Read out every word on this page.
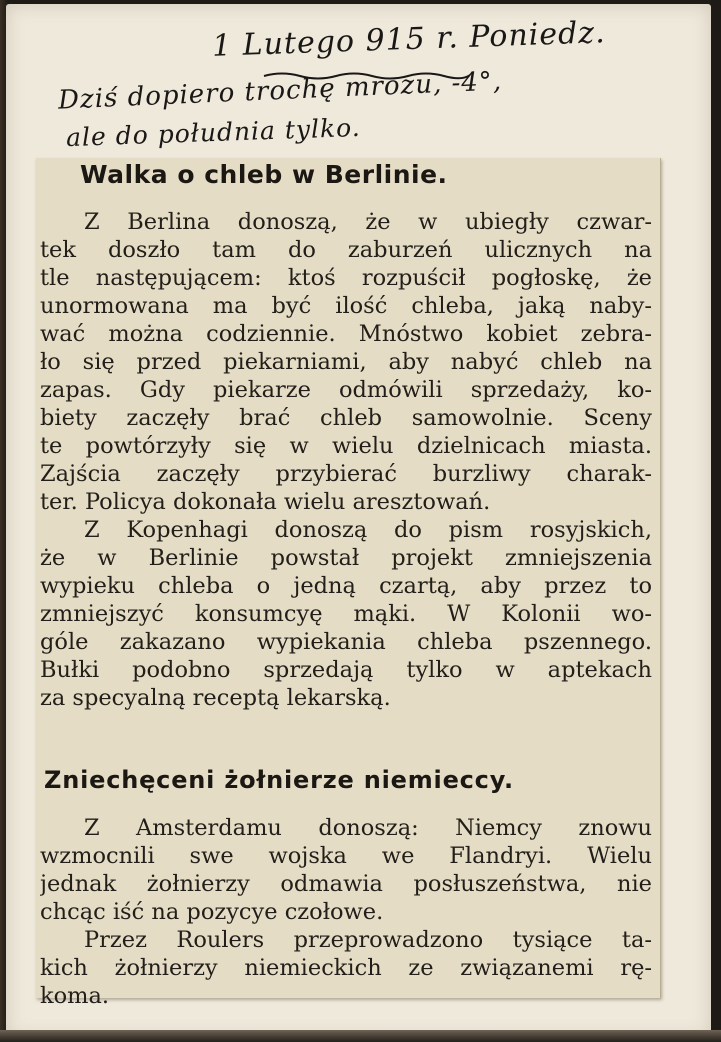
1 Lutego 915 r. Poniedz.
Dziś dopiero trochę mrozu, -4°,
ale do południa tylko.
Walka o chleb w Berlinie.
Z Berlina donoszą, że w ubiegły czwar-
tek doszło tam do zaburzeń ulicznych na
tle następującem: ktoś rozpuścił pogłoskę, że
unormowana ma być ilość chleba, jaką naby-
wać można codziennie. Mnóstwo kobiet zebra-
ło się przed piekarniami, aby nabyć chleb na
zapas. Gdy piekarze odmówili sprzedaży, ko-
biety zaczęły brać chleb samowolnie. Sceny
te powtórzyły się w wielu dzielnicach miasta.
Zajścia zaczęły przybierać burzliwy charak-
ter. Policya dokonała wielu aresztowań.
Z Kopenhagi donoszą do pism rosyjskich,
że w Berlinie powstał projekt zmniejszenia
wypieku chleba o jedną czartą, aby przez to
zmniejszyć konsumcyę mąki. W Kolonii wo-
góle zakazano wypiekania chleba pszennego.
Bułki podobno sprzedają tylko w aptekach
za specyalną receptą lekarską.
Zniechęceni żołnierze niemieccy.
Z Amsterdamu donoszą: Niemcy znowu
wzmocnili swe wojska we Flandryi. Wielu
jednak żołnierzy odmawia posłuszeństwa, nie
chcąc iść na pozycye czołowe.
Przez Roulers przeprowadzono tysiące ta-
kich żołnierzy niemieckich ze związanemi rę-
koma.
